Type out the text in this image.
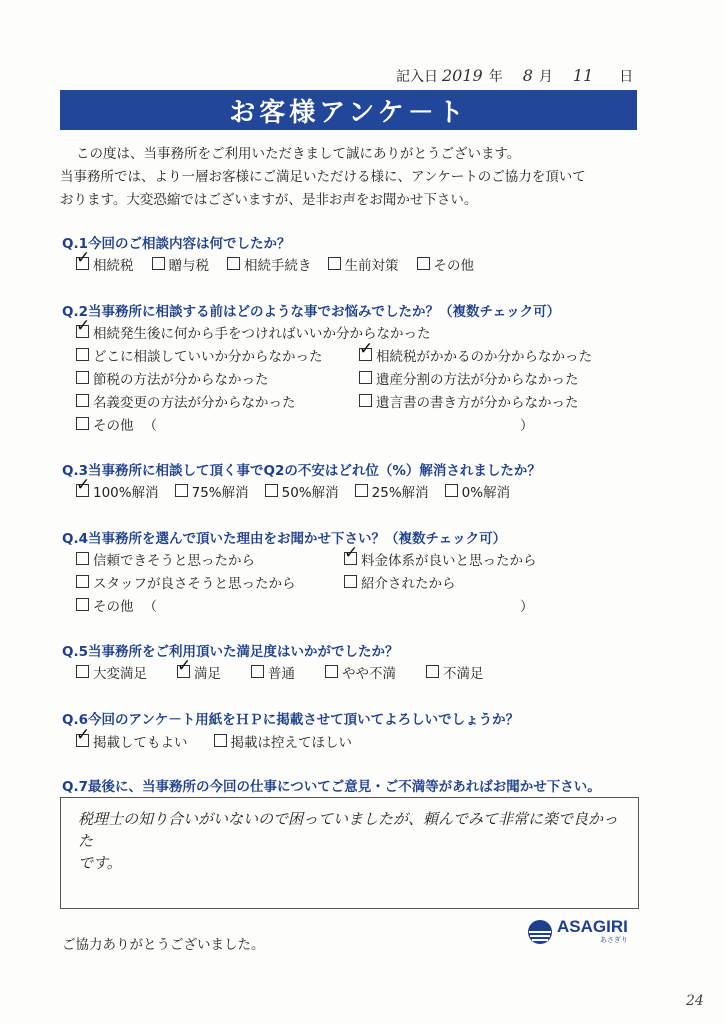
記入日 2019 年 8 月 11 日
お客様アンケ－ト

この度は、当事務所をご利用いただきまして誠にありがとうございます。

当事務所では、より一層お客様にご満足いただける様に、アンケートのご協力を頂いて

おります。大変恐縮ではございますが、是非お声をお聞かせ下さい。

Q.1今回のご相談内容は何でしたか？
✓ 相続税	贈与税	相続手続き 生前対策	その他
Q.2当事務所に相談する前はどのような事でお悩みでしたか？（複数チェック可）
✓ 相続発生後に何から手をつければいいか分からなかった
どこに相談していいか分からなかった ✓ 相続税がかかるのか分からなかった
節税の方法が分からなかった	遺産分割の方法が分からなかった
名義変更の方法が分からなかった	遺言書の書き方が分からなかった
その他 （	）
Q.3当事務所に相談して頂く事でQ2の不安はどれ位（%）解消されましたか？
✓ 100%解消 75%解消 50%解消 25%解消 0%解消
Q.4当事務所を選んで頂いた理由をお聞かせ下さい？（複数チェック可）
信頼できそうと思ったから	✓ 料金体系が良いと思ったから
スタッフが良さそうと思ったから	紹介されたから
その他 （	）
Q.5当事務所をご利用頂いた満足度はいかがでしたか？
大変満足 ✓ 満足	普通	やや不満	不満足
Q.6今回のアンケ－ト用紙をＨＰに掲載させて頂いてよろしいでしょうか？
✓ 掲載してもよい	掲載は控えてほしい
Q.7最後に、当事務所の今回の仕事についてご意見・ご不満等があればお聞かせ下さい。
税理士の知り合いがいないので困っていましたが、頼んでみて非常に楽で良かった
です。
ご協力ありがとうございました。
ASAGIRI
あさぎり
24
